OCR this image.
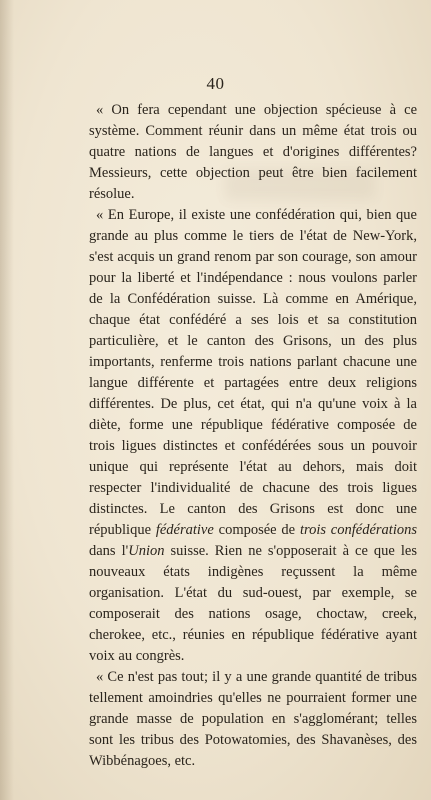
40

« On fera cependant une objection spécieuse à ce système. Comment réunir dans un même état trois ou quatre nations de langues et d'origines différentes? Messieurs, cette objection peut être bien facilement résolue.

« En Europe, il existe une confédération qui, bien que grande au plus comme le tiers de l'état de New-York, s'est acquis un grand renom par son courage, son amour pour la liberté et l'indépendance : nous voulons parler de la Confédération suisse. Là comme en Amérique, chaque état confédéré a ses lois et sa constitution particulière, et le canton des Grisons, un des plus importants, renferme trois nations parlant chacune une langue différente et partagées entre deux religions différentes. De plus, cet état, qui n'a qu'une voix à la diète, forme une république fédérative composée de trois ligues distinctes et confédérées sous un pouvoir unique qui représente l'état au dehors, mais doit respecter l'individualité de chacune des trois ligues distinctes. Le canton des Grisons est donc une république fédérative composée de trois confédérations dans l'Union suisse. Rien ne s'opposerait à ce que les nouveaux états indigènes reçussent la même organisation. L'état du sud-ouest, par exemple, se composerait des nations osage, choctaw, creek, cherokee, etc., réunies en république fédérative ayant voix au congrès.

« Ce n'est pas tout; il y a une grande quantité de tribus tellement amoindries qu'elles ne pourraient former une grande masse de population en s'agglomérant; telles sont les tribus des Potowatomies, des Shavanèses, des Wibbénagoes, etc.
